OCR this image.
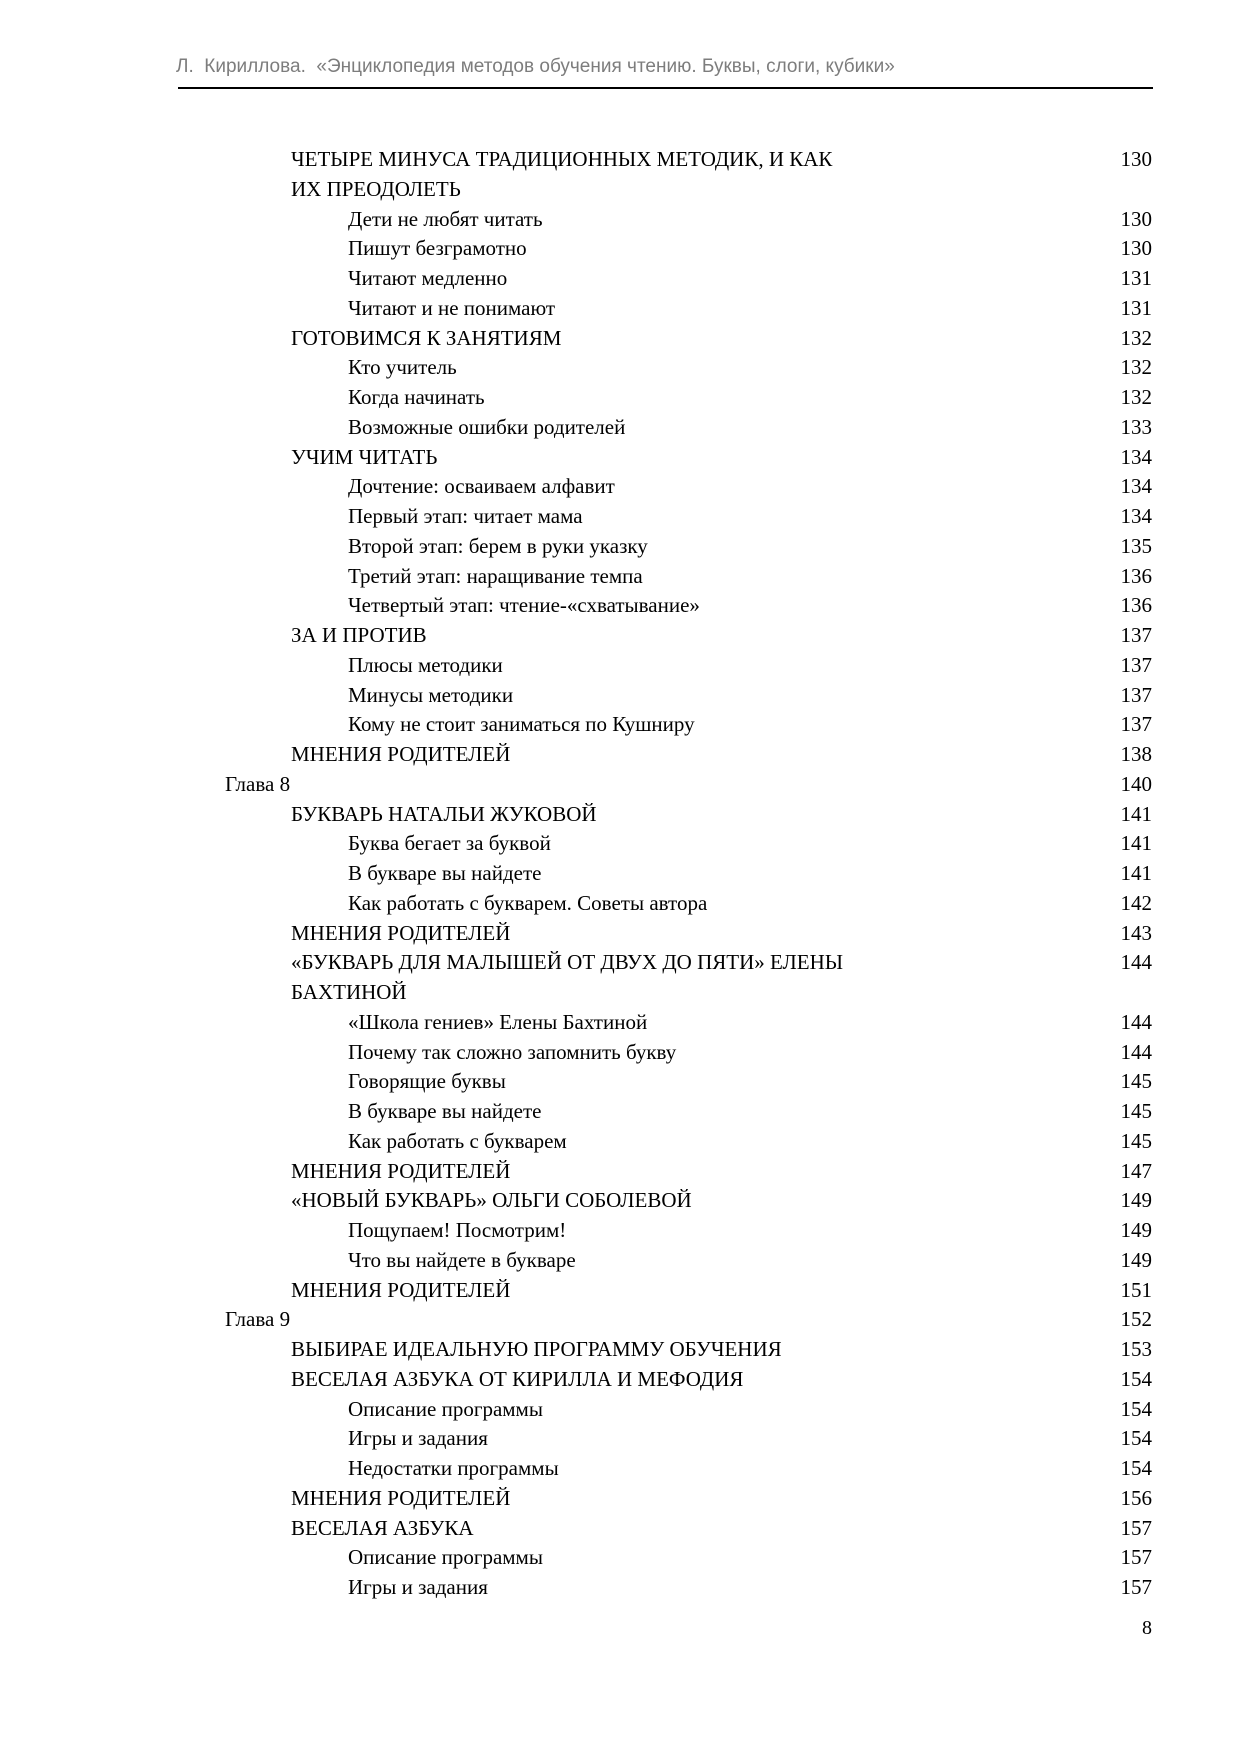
Л.  Кириллова.  «Энциклопедия методов обучения чтению. Буквы, слоги, кубики»
ЧЕТЫРЕ МИНУСА ТРАДИЦИОННЫХ МЕТОДИК, И КАК	130
ИХ ПРЕОДОЛЕТЬ
Дети не любят читать	130
Пишут безграмотно	130
Читают медленно	131
Читают и не понимают	131
ГОТОВИМСЯ К ЗАНЯТИЯМ	132
Кто учитель	132
Когда начинать	132
Возможные ошибки родителей	133
УЧИМ ЧИТАТЬ	134
Дочтение: осваиваем алфавит	134
Первый этап: читает мама	134
Второй этап: берем в руки указку	135
Третий этап: наращивание темпа	136
Четвертый этап: чтение-«схватывание»	136
ЗА И ПРОТИВ	137
Плюсы методики	137
Минусы методики	137
Кому не стоит заниматься по Кушниру	137
МНЕНИЯ РОДИТЕЛЕЙ	138
Глава 8	140
БУКВАРЬ НАТАЛЬИ ЖУКОВОЙ	141
Буква бегает за буквой	141
В букваре вы найдете	141
Как работать с букварем. Советы автора	142
МНЕНИЯ РОДИТЕЛЕЙ	143
«БУКВАРЬ ДЛЯ МАЛЫШЕЙ ОТ ДВУХ ДО ПЯТИ» ЕЛЕНЫ	144
БАХТИНОЙ
«Школа гениев» Елены Бахтиной	144
Почему так сложно запомнить букву	144
Говорящие буквы	145
В букваре вы найдете	145
Как работать с букварем	145
МНЕНИЯ РОДИТЕЛЕЙ	147
«НОВЫЙ БУКВАРЬ» ОЛЬГИ СОБОЛЕВОЙ	149
Пощупаем! Посмотрим!	149
Что вы найдете в букваре	149
МНЕНИЯ РОДИТЕЛЕЙ	151
Глава 9	152
ВЫБИРАЕ ИДЕАЛЬНУЮ ПРОГРАММУ ОБУЧЕНИЯ	153
ВЕСЕЛАЯ АЗБУКА ОТ КИРИЛЛА И МЕФОДИЯ	154
Описание программы	154
Игры и задания	154
Недостатки программы	154
МНЕНИЯ РОДИТЕЛЕЙ	156
ВЕСЕЛАЯ АЗБУКА	157
Описание программы	157
Игры и задания	157
8
